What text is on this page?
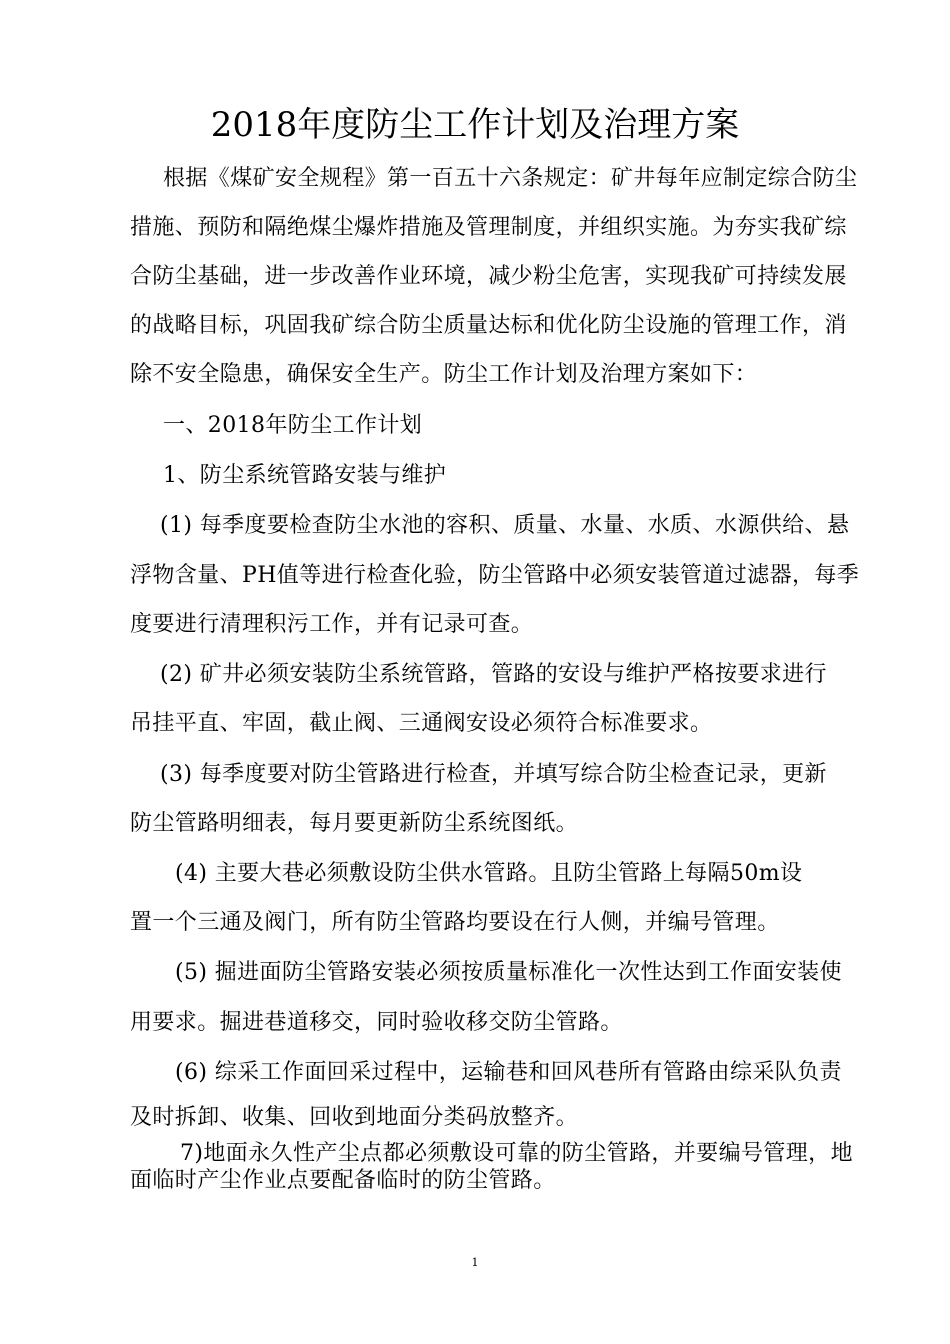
2018年度防尘工作计划及治理方案
根据《煤矿安全规程》第一百五十六条规定：矿井每年应制定综合防尘
措施、预防和隔绝煤尘爆炸措施及管理制度，并组织实施。为夯实我矿综
合防尘基础，进一步改善作业环境，减少粉尘危害，实现我矿可持续发展
的战略目标，巩固我矿综合防尘质量达标和优化防尘设施的管理工作，消
除不安全隐患，确保安全生产。防尘工作计划及治理方案如下：
一、2018年防尘工作计划
1、防尘系统管路安装与维护
(1) 每季度要检查防尘水池的容积、质量、水量、水质、水源供给、悬
浮物含量、PH值等进行检查化验，防尘管路中必须安装管道过滤器，每季
度要进行清理积污工作，并有记录可查。
(2) 矿井必须安装防尘系统管路，管路的安设与维护严格按要求进行
吊挂平直、牢固，截止阀、三通阀安设必须符合标准要求。
(3) 每季度要对防尘管路进行检查，并填写综合防尘检查记录，更新
防尘管路明细表，每月要更新防尘系统图纸。
(4) 主要大巷必须敷设防尘供水管路。且防尘管路上每隔50m设
置一个三通及阀门，所有防尘管路均要设在行人侧，并编号管理。
(5) 掘进面防尘管路安装必须按质量标准化一次性达到工作面安装使
用要求。掘进巷道移交，同时验收移交防尘管路。
(6) 综采工作面回采过程中，运输巷和回风巷所有管路由综采队负责
及时拆卸、收集、回收到地面分类码放整齐。
7)地面永久性产尘点都必须敷设可靠的防尘管路，并要编号管理，地
面临时产尘作业点要配备临时的防尘管路。
1
